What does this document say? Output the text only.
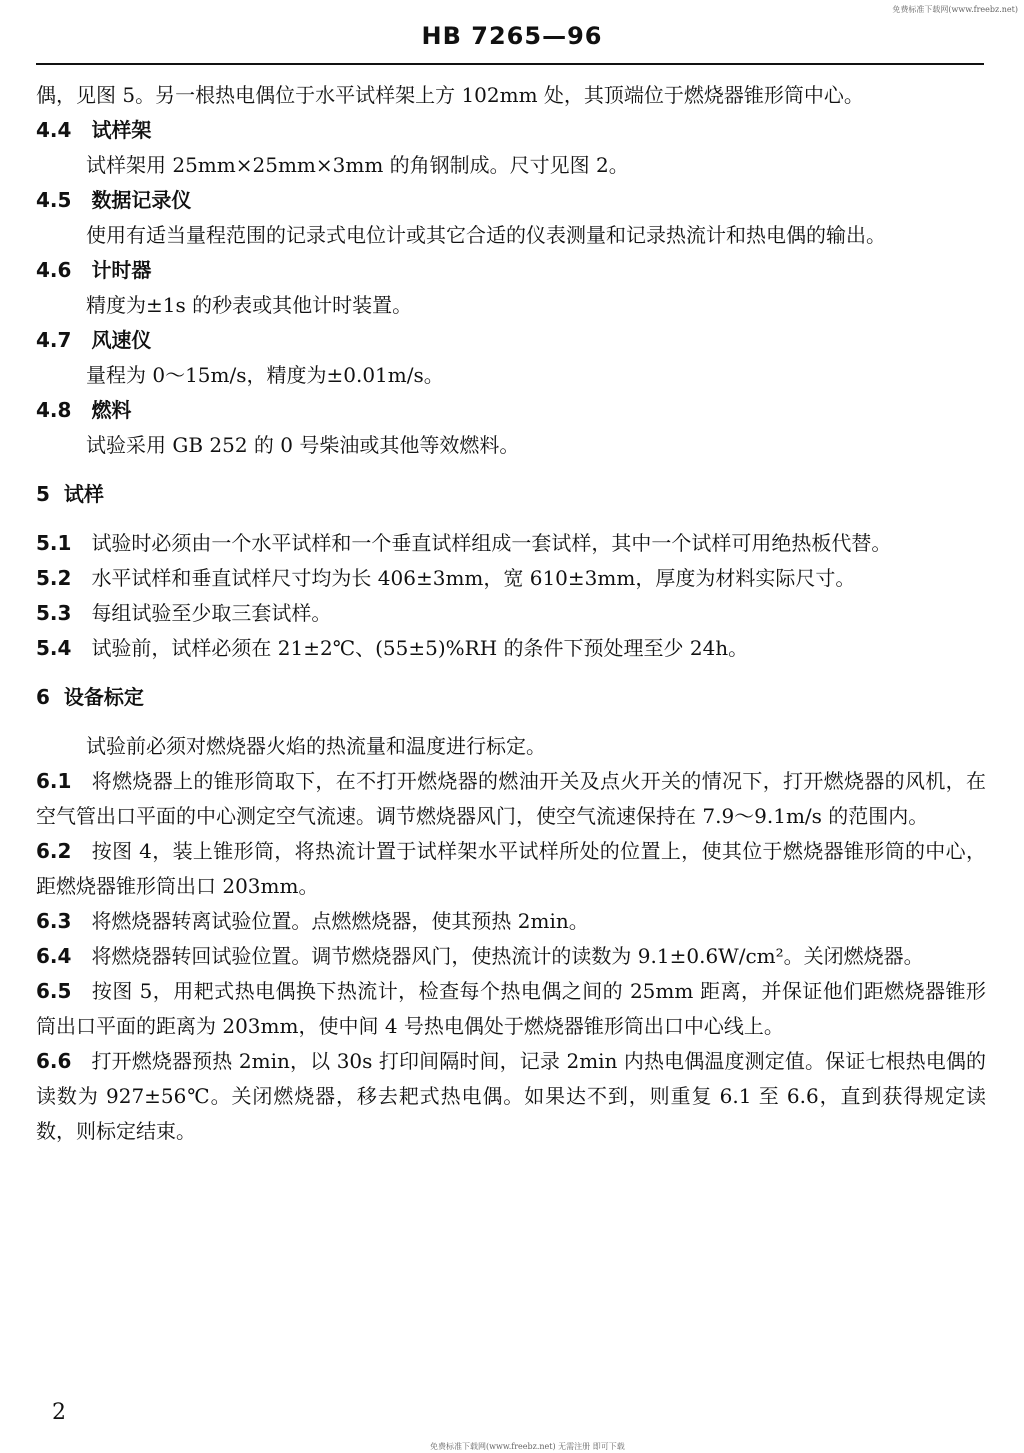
免费标准下载网(www.freebz.net)
HB 7265—96

偶，见图 5。另一根热电偶位于水平试样架上方 102mm 处，其顶端位于燃烧器锥形筒中心。

4.4 试样架

试样架用 25mm×25mm×3mm 的角钢制成。尺寸见图 2。

4.5 数据记录仪

使用有适当量程范围的记录式电位计或其它合适的仪表测量和记录热流计和热电偶的输出。

4.6 计时器

精度为±1s 的秒表或其他计时装置。

4.7 风速仪

量程为 0～15m/s，精度为±0.01m/s。

4.8 燃料

试验采用 GB 252 的 0 号柴油或其他等效燃料。

5 试样

5.1 试验时必须由一个水平试样和一个垂直试样组成一套试样，其中一个试样可用绝热板代替。

5.2 水平试样和垂直试样尺寸均为长 406±3mm，宽 610±3mm，厚度为材料实际尺寸。

5.3 每组试验至少取三套试样。

5.4 试验前，试样必须在 21±2℃、(55±5)%RH 的条件下预处理至少 24h。

6 设备标定

试验前必须对燃烧器火焰的热流量和温度进行标定。

6.1 将燃烧器上的锥形筒取下，在不打开燃烧器的燃油开关及点火开关的情况下，打开燃烧器的风机，在空气管出口平面的中心测定空气流速。调节燃烧器风门，使空气流速保持在 7.9～9.1m/s 的范围内。

6.2 按图 4，装上锥形筒，将热流计置于试样架水平试样所处的位置上，使其位于燃烧器锥形筒的中心，距燃烧器锥形筒出口 203mm。

6.3 将燃烧器转离试验位置。点燃燃烧器，使其预热 2min。

6.4 将燃烧器转回试验位置。调节燃烧器风门，使热流计的读数为 9.1±0.6W/cm²。关闭燃烧器。

6.5 按图 5，用耙式热电偶换下热流计，检查每个热电偶之间的 25mm 距离，并保证他们距燃烧器锥形筒出口平面的距离为 203mm，使中间 4 号热电偶处于燃烧器锥形筒出口中心线上。

6.6 打开燃烧器预热 2min，以 30s 打印间隔时间，记录 2min 内热电偶温度测定值。保证七根热电偶的读数为 927±56℃。关闭燃烧器，移去耙式热电偶。如果达不到，则重复 6.1 至 6.6，直到获得规定读数，则标定结束。

2
免费标准下载网(www.freebz.net) 无需注册 即可下载
